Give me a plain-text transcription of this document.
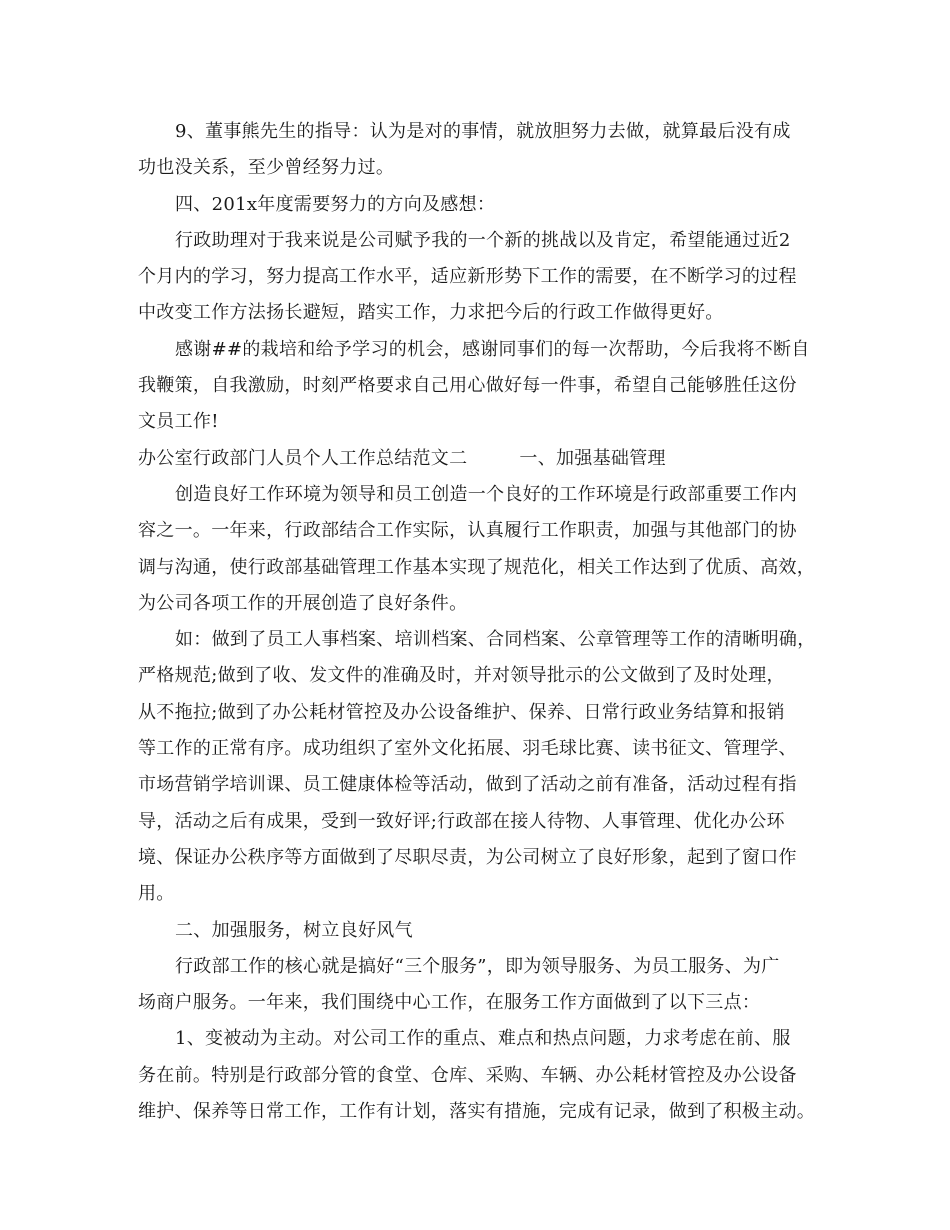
9、董事熊先生的指导：认为是对的事情，就放胆努力去做，就算最后没有成
功也没关系，至少曾经努力过。
四、201x年度需要努力的方向及感想：
行政助理对于我来说是公司赋予我的一个新的挑战以及肯定，希望能通过近2
个月内的学习，努力提高工作水平，适应新形势下工作的需要，在不断学习的过程
中改变工作方法扬长避短，踏实工作，力求把今后的行政工作做得更好。
感谢##的栽培和给予学习的机会，感谢同事们的每一次帮助，今后我将不断自
我鞭策，自我激励，时刻严格要求自己用心做好每一件事，希望自己能够胜任这份
文员工作!
办公室行政部门人员个人工作总结范文二	一、加强基础管理
创造良好工作环境为领导和员工创造一个良好的工作环境是行政部重要工作内
容之一。一年来，行政部结合工作实际，认真履行工作职责，加强与其他部门的协
调与沟通，使行政部基础管理工作基本实现了规范化，相关工作达到了优质、高效，
为公司各项工作的开展创造了良好条件。
如：做到了员工人事档案、培训档案、合同档案、公章管理等工作的清晰明确，
严格规范;做到了收、发文件的准确及时，并对领导批示的公文做到了及时处理，
从不拖拉;做到了办公耗材管控及办公设备维护、保养、日常行政业务结算和报销
等工作的正常有序。成功组织了室外文化拓展、羽毛球比赛、读书征文、管理学、
市场营销学培训课、员工健康体检等活动，做到了活动之前有准备，活动过程有指
导，活动之后有成果，受到一致好评;行政部在接人待物、人事管理、优化办公环
境、保证办公秩序等方面做到了尽职尽责，为公司树立了良好形象，起到了窗口作
用。
二、加强服务，树立良好风气
行政部工作的核心就是搞好“三个服务”，即为领导服务、为员工服务、为广
场商户服务。一年来，我们围绕中心工作，在服务工作方面做到了以下三点：
1、变被动为主动。对公司工作的重点、难点和热点问题，力求考虑在前、服
务在前。特别是行政部分管的食堂、仓库、采购、车辆、办公耗材管控及办公设备
维护、保养等日常工作，工作有计划，落实有措施，完成有记录，做到了积极主动。
